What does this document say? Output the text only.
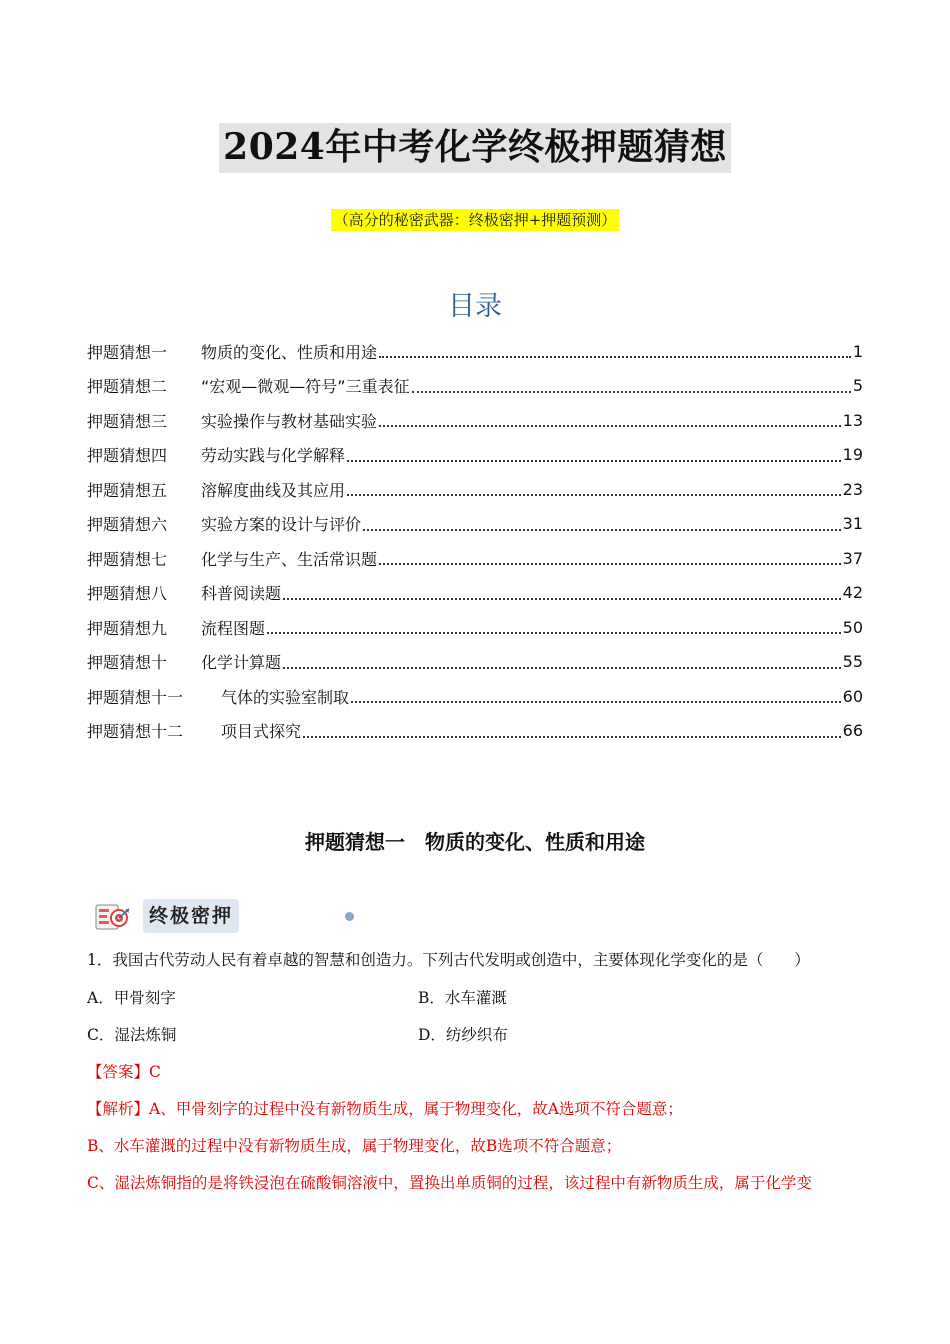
2024年中考化学终极押题猜想
（高分的秘密武器：终极密押+押题预测）
目录
押题猜想一	物质的变化、性质和用途	1
押题猜想二	“宏观—微观—符号”三重表征	5
押题猜想三	实验操作与教材基础实验	13
押题猜想四	劳动实践与化学解释	19
押题猜想五	溶解度曲线及其应用	23
押题猜想六	实验方案的设计与评价	31
押题猜想七	化学与生产、生活常识题	37
押题猜想八	科普阅读题	42
押题猜想九	流程图题	50
押题猜想十	化学计算题	55
押题猜想十一	气体的实验室制取	60
押题猜想十二	项目式探究	66
押题猜想一　物质的变化、性质和用途
终极密押
1．我国古代劳动人民有着卓越的智慧和创造力。下列古代发明或创造中，主要体现化学变化的是（　　）
A．甲骨刻字	B．水车灌溉
C．湿法炼铜	D．纺纱织布
【答案】C
【解析】A、甲骨刻字的过程中没有新物质生成，属于物理变化，故A选项不符合题意；
B、水车灌溉的过程中没有新物质生成，属于物理变化，故B选项不符合题意；
C、湿法炼铜指的是将铁浸泡在硫酸铜溶液中，置换出单质铜的过程，该过程中有新物质生成，属于化学变
